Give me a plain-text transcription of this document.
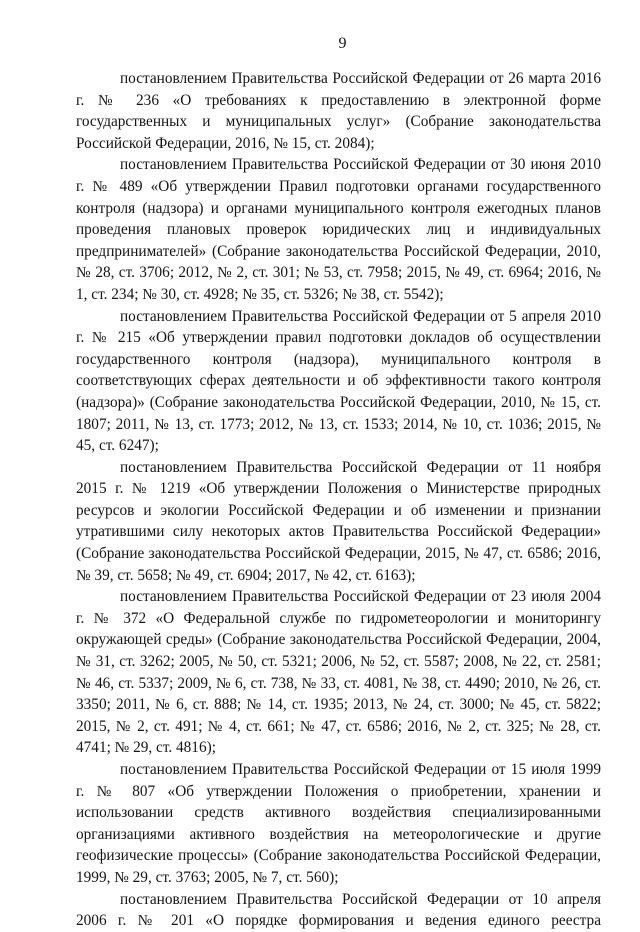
9

постановлением Правительства Российской Федерации от 26 марта 2016 г. № 236 «О требованиях к предоставлению в электронной форме государственных и муниципальных услуг» (Собрание законодательства Российской Федерации, 2016, № 15, ст. 2084);

постановлением Правительства Российской Федерации от 30 июня 2010 г. № 489 «Об утверждении Правил подготовки органами государственного контроля (надзора) и органами муниципального контроля ежегодных планов проведения плановых проверок юридических лиц и индивидуальных предпринимателей» (Собрание законодательства Российской Федерации, 2010, № 28, ст. 3706; 2012, № 2, ст. 301; № 53, ст. 7958; 2015, № 49, ст. 6964; 2016, № 1, ст. 234; № 30, ст. 4928; № 35, ст. 5326; № 38, ст. 5542);

постановлением Правительства Российской Федерации от 5 апреля 2010 г. № 215 «Об утверждении правил подготовки докладов об осуществлении государственного контроля (надзора), муниципального контроля в соответствующих сферах деятельности и об эффективности такого контроля (надзора)» (Собрание законодательства Российской Федерации, 2010, № 15, ст. 1807; 2011, № 13, ст. 1773; 2012, № 13, ст. 1533; 2014, № 10, ст. 1036; 2015, № 45, ст. 6247);

постановлением Правительства Российской Федерации от 11 ноября 2015 г. № 1219 «Об утверждении Положения о Министерстве природных ресурсов и экологии Российской Федерации и об изменении и признании утратившими силу некоторых актов Правительства Российской Федерации» (Собрание законодательства Российской Федерации, 2015, № 47, ст. 6586; 2016, № 39, ст. 5658; № 49, ст. 6904; 2017, № 42, ст. 6163);

постановлением Правительства Российской Федерации от 23 июля 2004 г. № 372 «О Федеральной службе по гидрометеорологии и мониторингу окружающей среды» (Собрание законодательства Российской Федерации, 2004, № 31, ст. 3262; 2005, № 50, ст. 5321; 2006, № 52, ст. 5587; 2008, № 22, ст. 2581; № 46, ст. 5337; 2009, № 6, ст. 738, № 33, ст. 4081, № 38, ст. 4490; 2010, № 26, ст. 3350; 2011, № 6, ст. 888; № 14, ст. 1935; 2013, № 24, ст. 3000; № 45, ст. 5822; 2015, № 2, ст. 491; № 4, ст. 661; № 47, ст. 6586; 2016, № 2, ст. 325; № 28, ст. 4741; № 29, ст. 4816);

постановлением Правительства Российской Федерации от 15 июля 1999 г. № 807 «Об утверждении Положения о приобретении, хранении и использовании средств активного воздействия специализированными организациями активного воздействия на метеорологические и другие геофизические процессы» (Собрание законодательства Российской Федерации, 1999, № 29, ст. 3763; 2005, № 7, ст. 560);

постановлением Правительства Российской Федерации от 10 апреля 2006 г. № 201 «О порядке формирования и ведения единого реестра
